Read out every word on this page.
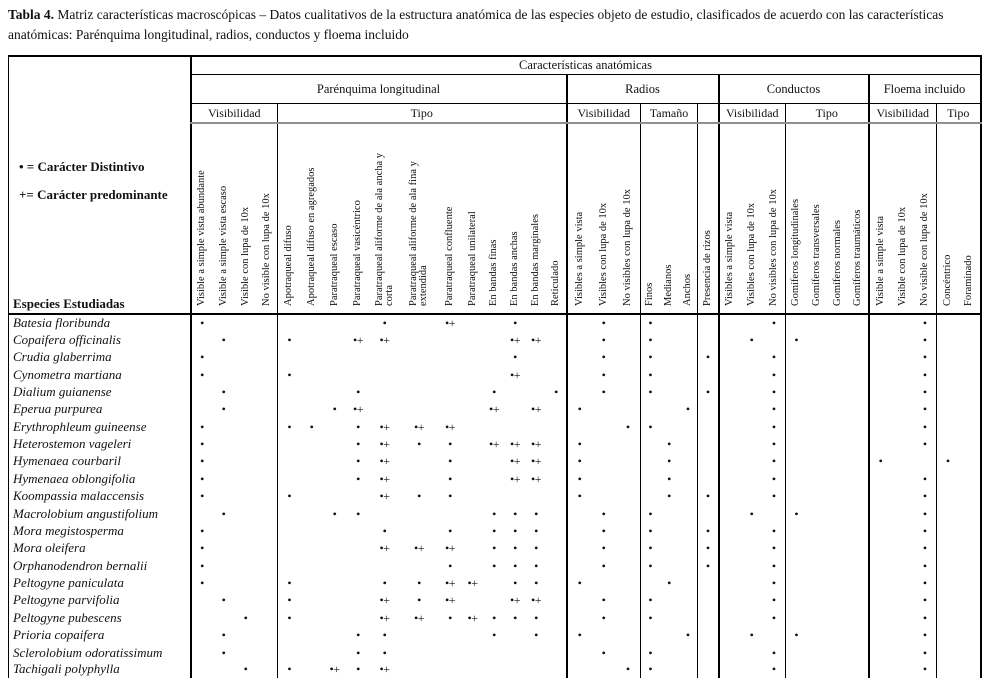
Tabla 4. Matriz características macroscópicas – Datos cualitativos de la estructura anatómica de las especies objeto de estudio, clasificados de acuerdo con las características anatómicas: Parénquima longitudinal, radios, conductos y floema incluido
• = Carácter Distintivo
+= Carácter predominante
Especies Estudiadas	Características anatómicas																																		
	Parénquima longitudinal																Radios							Conductos							Floema incluido				
	Visibilidad				Tipo												Visibilidad			Tamaño				Visibilidad			Tipo				Visibilidad			Tipo	
	Visible a simple vista abundante	Visible a simple vista escaso	Visible con lupa de 10x	No visible con lupa de 10x	Apotraqueal difuso	Apotraqueal difuso en agregados	Paratraqueal escaso	Paratraqueal vasicéntrico	Paratraqueal aliforme de ala ancha y corta	Paratraqueal aliforme de ala fina y extendida	Paratraqueal confluente	Paratraqueal unilateral	En bandas finas	En bandas anchas	En bandas marginales	Reticulado	Visibles a simple vista	Visibles con lupa de 10x	No visibles con lupa de 10x	Finos	Medianos	Anchos	Presencia de rizos	Visibles a simple vista	Visibles con lupa de 10x	No visibles con lupa de 10x	Gomíferos longitudinales	Gomíferos transversales	Gomíferos normales	Gomíferos traumáticos	Visible a simple vista	Visible con lupa de 10x	No visible con lupa de 10x	Concéntrico	Foraminado
Batesia floribunda	•								•		•+			•				•		•						•							•		
Copaifera officinalis		•			•			•+	•+					•+	•+			•		•					•		•						•		
Crudia glaberrima	•													•				•		•			•			•							•		
Cynometra martiana	•				•									•+				•		•						•							•		
Dialium guianense		•						•					•			•		•		•			•			•							•		
Eperua purpurea		•					•	•+					•+		•+		•					•				•							•		
Erythrophleum guineense	•				•	•		•	•+	•+	•+								•	•						•							•		
Heterostemon vageleri	•							•	•+	•	•		•+	•+	•+		•				•					•							•		
Hymenaea courbaril	•							•	•+		•			•+	•+		•				•					•					•			•	
Hymenaea oblongifolia	•							•	•+		•			•+	•+		•				•					•							•		
Koompassia malaccensis	•				•				•+	•	•						•				•		•			•							•		
Macrolobium angustifolium		•					•	•					•	•	•			•		•					•		•						•		
Mora megistosperma	•								•		•		•	•	•			•		•			•			•							•		
Mora oleifera	•								•+	•+	•+		•	•	•			•		•			•			•							•		
Orphanodendron bernalii	•										•		•	•	•			•		•			•			•							•		
Peltogyne paniculata	•				•				•	•	•+	•+		•	•		•				•					•							•		
Peltogyne parvifolia		•			•				•+	•	•+			•+	•+			•		•						•							•		
Peltogyne pubescens			•		•				•+	•+	•	•+	•	•	•			•		•						•							•		
Prioria copaifera		•						•	•				•		•		•					•			•		•						•		
Sclerolobium odoratissimum		•						•	•									•		•						•							•		
Tachigali polyphylla			•		•		•+	•	•+										•	•						•							•		
